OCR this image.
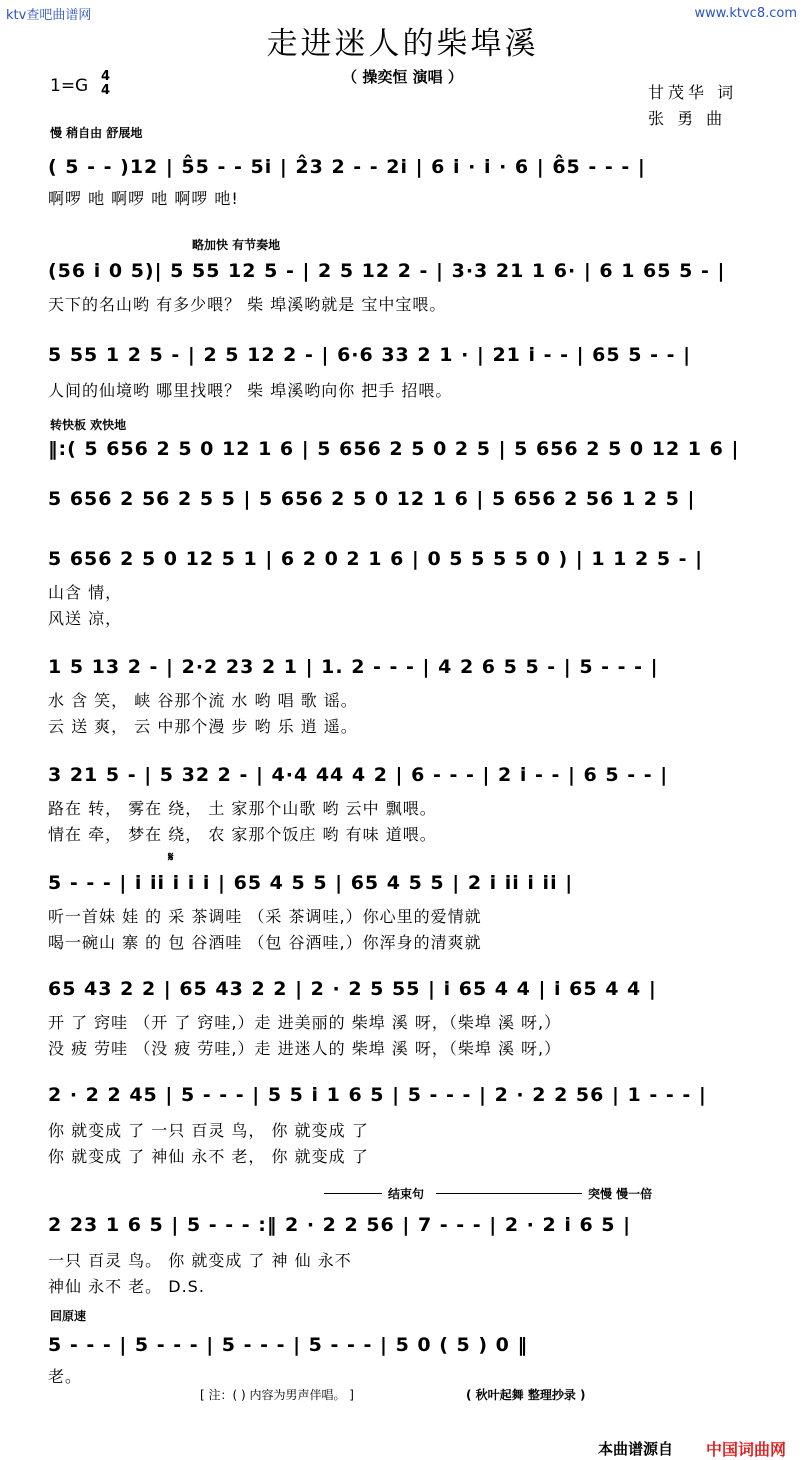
ktv查吧曲谱网	www.ktvc8.com
走进迷人的柴埠溪
（ 操奕恒 演唱 ）
1=G 4
4	甘茂华 词
张 勇 曲
慢 稍自由 舒展地
略加快 有节奏地
转快板 欢快地
结束句	突慢 慢一倍
回原速
( 5 - - )12 | 5̂5 - - 5i | 2̂3 2 - - 2i | 6 i · i · 6 | 6̂5 - - - |
啊啰 吔 啊啰 吔 啊啰 吔!
(56 i 0 5)| 5 55 12 5 - | 2 5 12 2 - | 3·3 21 1 6· | 6 1 65 5 - |
天下的名山哟 有多少喂？ 柴 埠溪哟就是 宝中宝喂。
5 55 1 2 5 - | 2 5 12 2 - | 6·6 33 2 1 · | 21 i - - | 65 5 - - |
人间的仙境哟 哪里找喂？ 柴 埠溪哟向你 把手 招喂。
‖:( 5 656 2 5 0 12 1 6 | 5 656 2 5 0 2 5 | 5 656 2 5 0 12 1 6 |
5 656 2 56 2 5 5 | 5 656 2 5 0 12 1 6 | 5 656 2 56 1 2 5 |
5 656 2 5 0 12 5 1 | 6 2 0 2 1 6 | 0 5 5 5 5 0 ) | 1 1 2 5 - |
山含 情，
风送 凉，
1 5 13 2 - | 2·2 23 2 1 | 1. 2 - - - | 4 2 6 5 5 - | 5 - - - |
水 含 笑， 峡 谷那个流 水 哟 唱 歌 谣。
云 送 爽， 云 中那个漫 步 哟 乐 逍 遥。
3 21 5 - | 5 32 2 - | 4·4 44 4 2 | 6 - - - | 2 i - - | 6 5 - - |
路在 转， 雾在 绕， 土 家那个山歌 哟 云中 飘喂。
情在 牵， 梦在 绕， 农 家那个饭庄 哟 有味 道喂。
𝄋
5 - - - | i ii i i i | 65 4 5 5 | 65 4 5 5 | 2 i ii i ii |
听一首妹 娃 的 采 茶调哇 （采 茶调哇,）你心里的爱情就
喝一碗山 寨 的 包 谷酒哇 （包 谷酒哇,）你浑身的清爽就
65 43 2 2 | 65 43 2 2 | 2 · 2 5 55 | i 65 4 4 | i 65 4 4 |
开 了 窍哇 （开 了 窍哇,）走 进美丽的 柴埠 溪 呀，（柴埠 溪 呀,）
没 疲 劳哇 （没 疲 劳哇,）走 进迷人的 柴埠 溪 呀，（柴埠 溪 呀,）
2 · 2 2 45 | 5 - - - | 5 5 i 1 6 5 | 5 - - - | 2 · 2 2 56 | 1 - - - |
你 就变成 了 一只 百灵 鸟， 你 就变成 了
你 就变成 了 神仙 永不 老， 你 就变成 了
2 23 1 6 5 | 5 - - - :‖ 2 · 2 2 56 | 7 - - - | 2 · 2 i 6 5 |
一只 百灵 鸟。 你 就变成 了 神 仙 永不
神仙 永不 老。 D.S.
5 - - - | 5 - - - | 5 - - - | 5 - - - | 5 0 ( 5 ) 0 ‖
老。
[ 注：( ) 内容为男声伴唱。 ]	( 秋叶起舞 整理抄录 )
本曲谱源自 中国词曲网
